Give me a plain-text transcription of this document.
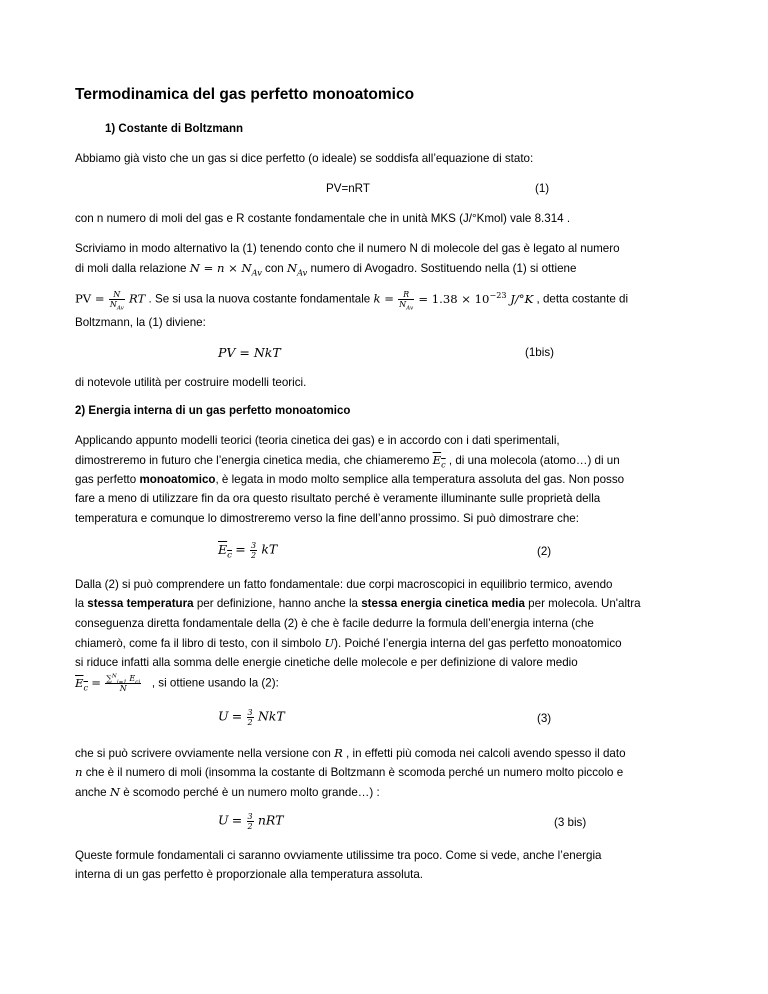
Termodinamica del gas perfetto monoatomico
1) Costante di Boltzmann
Abbiamo già visto che un gas si dice perfetto (o ideale) se soddisfa all’equazione di stato:
PV=nRT	(1)
con n numero di moli del gas e R costante fondamentale che in unità MKS (J/°Kmol) vale 8.314 .
Scriviamo in modo alternativo la (1) tenendo conto che il numero N di molecole del gas è legato al numero
di moli dalla relazione $N = n \times N_{Av}$ con $N_{Av}$ numero di Avogadro. Sostituendo nella (1) si ottiene
PV = $\frac{N}{N_{Av}}$ RT . Se si usa la nuova costante fondamentale $k = \frac{R}{N_{Av}} = 1.38 \times 10^{-23}$ J/°K , detta costante di
Boltzmann, la (1) diviene:
PV = NkT	(1bis)
di notevole utilità per costruire modelli teorici.
2) Energia interna di un gas perfetto monoatomico
Applicando appunto modelli teorici (teoria cinetica dei gas) e in accordo con i dati sperimentali,
dimostreremo in futuro che l’energia cinetica media, che chiameremo $E_c$ , di una molecola (atomo…) di un
gas perfetto monoatomico, è legata in modo molto semplice alla temperatura assoluta del gas. Non posso
fare a meno di utilizzare fin da ora questo risultato perché è veramente illuminante sulle proprietà della
temperatura e comunque lo dimostreremo verso la fine dell’anno prossimo. Si può dimostrare che:
$E_c = \frac{3}{2}$ kT	(2)
Dalla (2) si può comprendere un fatto fondamentale: due corpi macroscopici in equilibrio termico, avendo
la stessa temperatura per definizione, hanno anche la stessa energia cinetica media per molecola. Un'altra
conseguenza diretta fondamentale della (2) è che è facile dedurre la formula dell’energia interna (che
chiamerò, come fa il libro di testo, con il simbolo U). Poiché l’energia interna del gas perfetto monoatomico
si riduce infatti alla somma delle energie cinetiche delle molecole e per definizione di valore medio
$E_c = \frac{\sum^N_{i=1} E_{ci}}{N}$ , si ottiene usando la (2):
$U = \frac{3}{2}$ NkT	(3)
che si può scrivere ovviamente nella versione con R , in effetti più comoda nei calcoli avendo spesso il dato
n che è il numero di moli (insomma la costante di Boltzmann è scomoda perché un numero molto piccolo e
anche N è scomodo perché è un numero molto grande…) :
$U = \frac{3}{2}$ nRT	(3 bis)
Queste formule fondamentali ci saranno ovviamente utilissime tra poco. Come si vede, anche l’energia
interna di un gas perfetto è proporzionale alla temperatura assoluta.
